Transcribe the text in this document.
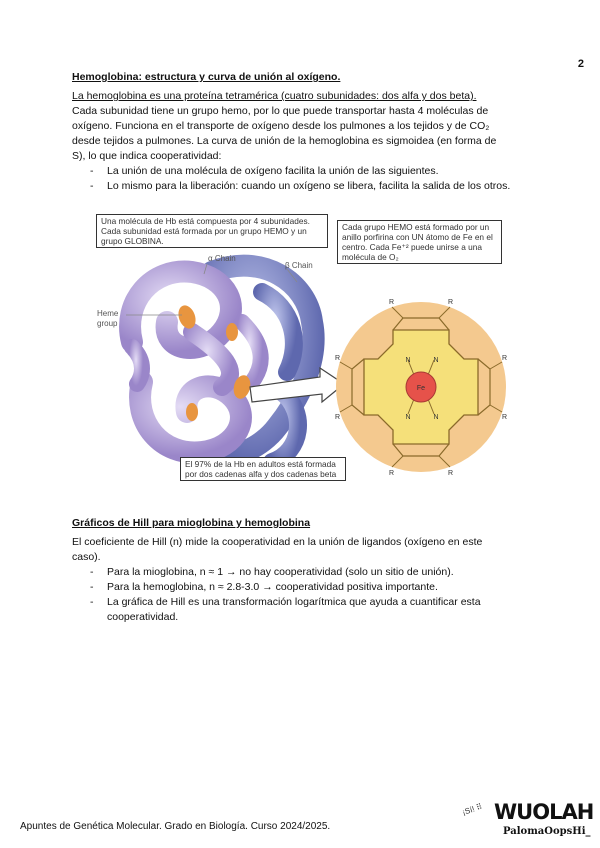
2
Hemoglobina: estructura y curva de unión al oxígeno.
La hemoglobina es una proteína tetramérica (cuatro subunidades: dos alfa y dos beta).
Cada subunidad tiene un grupo hemo, por lo que puede transportar hasta 4 moléculas de
oxígeno. Funciona en el transporte de oxígeno desde los pulmones a los tejidos y de CO₂
desde tejidos a pulmones. La curva de unión de la hemoglobina es sigmoidea (en forma de
S), lo que indica cooperatividad:
- La unión de una molécula de oxígeno facilita la unión de las siguientes.
- Lo mismo para la liberación: cuando un oxígeno se libera, facilita la salida de los otros.
Fe
N	N
N	N
R	R
R	R
R	R
R	R
Una molécula de Hb está compuesta por 4 subunidades. Cada subunidad está formada por un grupo HEMO y un grupo GLOBINA.
Cada grupo HEMO está formado por un anillo porfirina con UN átomo de Fe en el centro. Cada Fe⁺² puede unirse a una molécula de O₂
El 97% de la Hb en adultos está formada por dos cadenas alfa y dos cadenas beta
α Chain
β Chain
Heme group
Gráficos de Hill para mioglobina y hemoglobina
El coeficiente de Hill (n) mide la cooperatividad en la unión de ligandos (oxígeno en este
caso).
- Para la mioglobina, n ≈ 1 → no hay cooperatividad (solo un sitio de unión).
- Para la hemoglobina, n ≈ 2.8-3.0 → cooperatividad positiva importante.
- La gráfica de Hill es una transformación logarítmica que ayuda a cuantificar esta cooperatividad.
Apuntes de Genética Molecular. Grado en Biología. Curso 2024/2025.
¡Sí! ⠿ WUOLAH
PalomaOopsHi_
